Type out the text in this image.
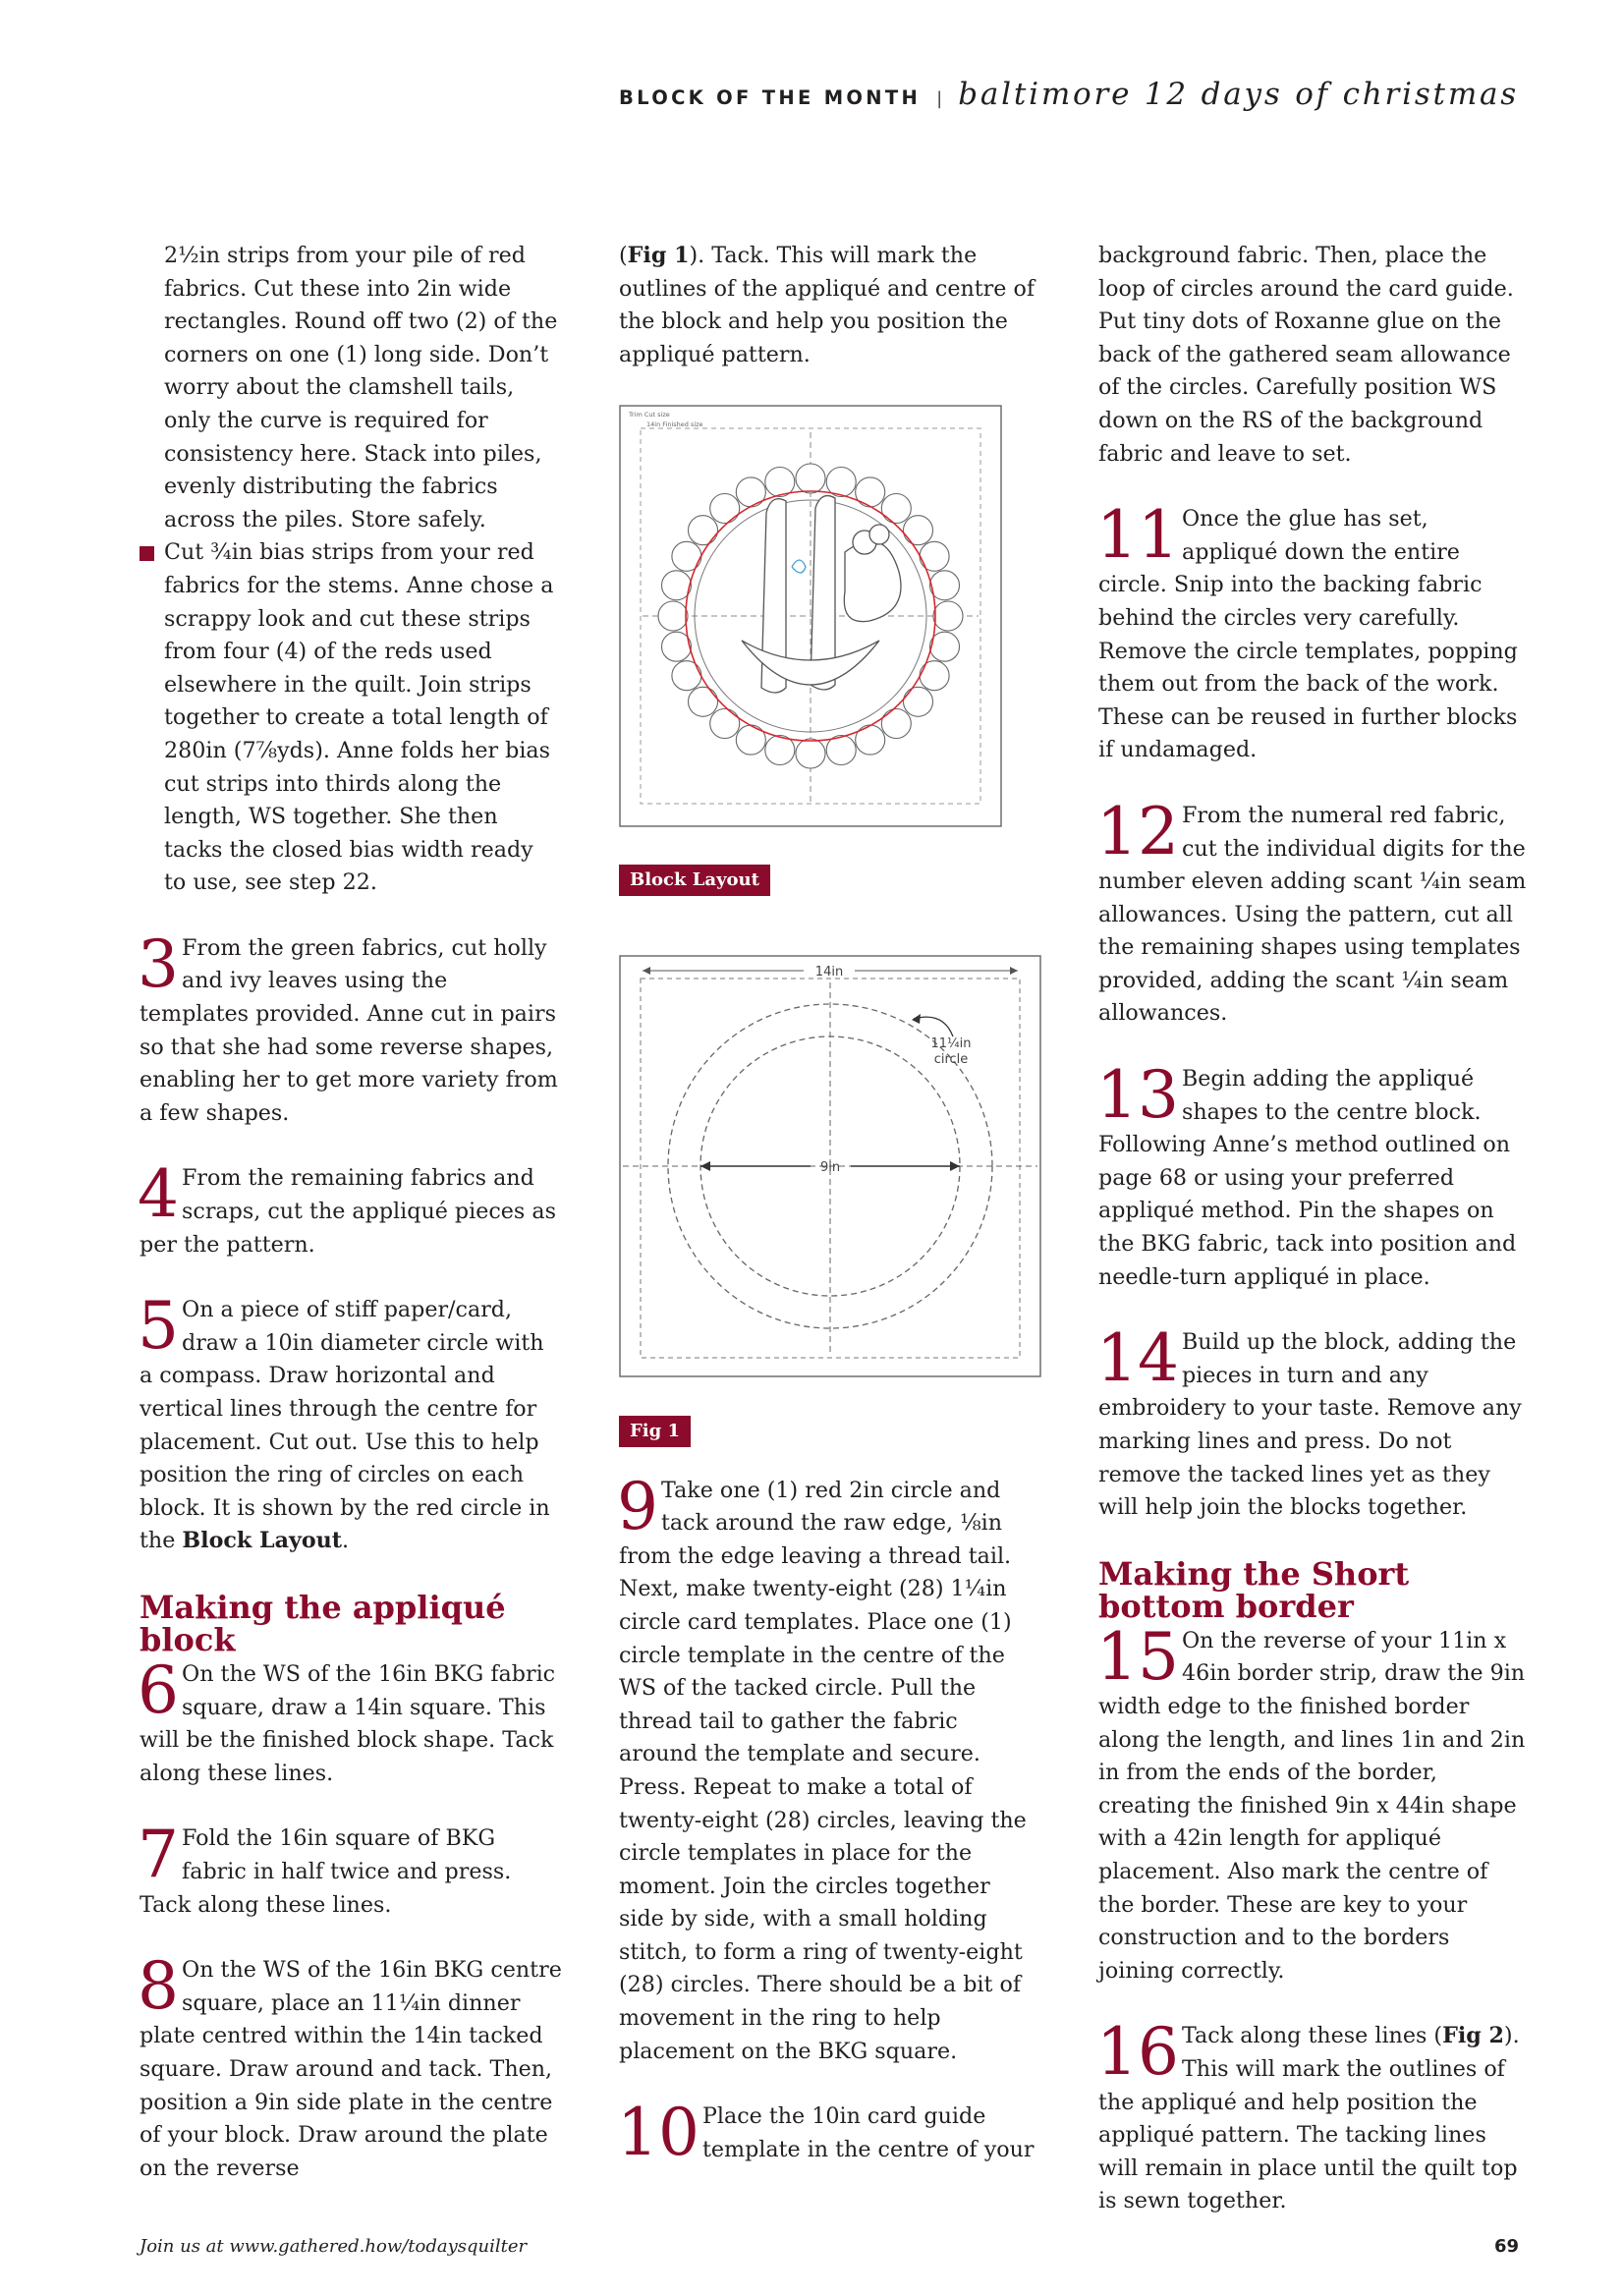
BLOCK OF THE MONTH | baltimore 12 days of christmas

2½in strips from your pile of red fabrics. Cut these into 2in wide rectangles. Round off two (2) of the corners on one (1) long side. Don’t worry about the clamshell tails, only the curve is required for consistency here. Stack into piles, evenly distributing the fabrics across the piles. Store safely.

Cut ¾in bias strips from your red fabrics for the stems. Anne chose a scrappy look and cut these strips from four (4) of the reds used elsewhere in the quilt. Join strips together to create a total length of 280in (7⅞yds). Anne folds her bias cut strips into thirds along the length, WS together. She then tacks the closed bias width ready to use, see step 22.

3 From the green fabrics, cut holly and ivy leaves using the templates provided. Anne cut in pairs so that she had some reverse shapes, enabling her to get more variety from a few shapes.
4 From the remaining fabrics and scraps, cut the appliqué pieces as per the pattern.
5 On a piece of stiff paper/card, draw a 10in diameter circle with a compass. Draw horizontal and vertical lines through the centre for placement. Cut out. Use this to help position the ring of circles on each block. It is shown by the red circle in the Block Layout.
Making the appliqué block
6 On the WS of the 16in BKG fabric square, draw a 14in square. This will be the finished block shape. Tack along these lines.
7 Fold the 16in square of BKG fabric in half twice and press. Tack along these lines.
8 On the WS of the 16in BKG centre square, place an 11¼in dinner plate centred within the 14in tacked square. Draw around and tack. Then, position a 9in side plate in the centre of your block. Draw around the plate on the reverse

(Fig 1). Tack. This will mark the outlines of the appliqué and centre of the block and help you position the appliqué pattern.

Trim Cut size
14in Finished size
Block Layout
14in
9in
11¼in
circle
Fig 1
9 Take one (1) red 2in circle and tack around the raw edge, ⅛in from the edge leaving a thread tail. Next, make twenty-eight (28) 1¼in circle card templates. Place one (1) circle template in the centre of the WS of the tacked circle. Pull the thread tail to gather the fabric around the template and secure. Press. Repeat to make a total of twenty-eight (28) circles, leaving the circle templates in place for the moment. Join the circles together side by side, with a small holding stitch, to form a ring of twenty-eight (28) circles. There should be a bit of movement in the ring to help placement on the BKG square.
10 Place the 10in card guide template in the centre of your

background fabric. Then, place the loop of circles around the card guide. Put tiny dots of Roxanne glue on the back of the gathered seam allowance of the circles. Carefully position WS down on the RS of the background fabric and leave to set.

11 Once the glue has set, appliqué down the entire circle. Snip into the backing fabric behind the circles very carefully. Remove the circle templates, popping them out from the back of the work. These can be reused in further blocks if undamaged.
12 From the numeral red fabric, cut the individual digits for the number eleven adding scant ¼in seam allowances. Using the pattern, cut all the remaining shapes using templates provided, adding the scant ¼in seam allowances.
13 Begin adding the appliqué shapes to the centre block. Following Anne’s method outlined on page 68 or using your preferred appliqué method. Pin the shapes on the BKG fabric, tack into position and needle-turn appliqué in place.
14 Build up the block, adding the pieces in turn and any embroidery to your taste. Remove any marking lines and press. Do not remove the tacked lines yet as they will help join the blocks together.
Making the Short bottom border
15 On the reverse of your 11in x 46in border strip, draw the 9in width edge to the finished border along the length, and lines 1in and 2in in from the ends of the border, creating the finished 9in x 44in shape with a 42in length for appliqué placement. Also mark the centre of the border. These are key to your construction and to the borders joining correctly.
16 Tack along these lines (Fig 2). This will mark the outlines of the appliqué and help position the appliqué pattern. The tacking lines will remain in place until the quilt top is sewn together.
Join us at www.gathered.how/todaysquilter	69
